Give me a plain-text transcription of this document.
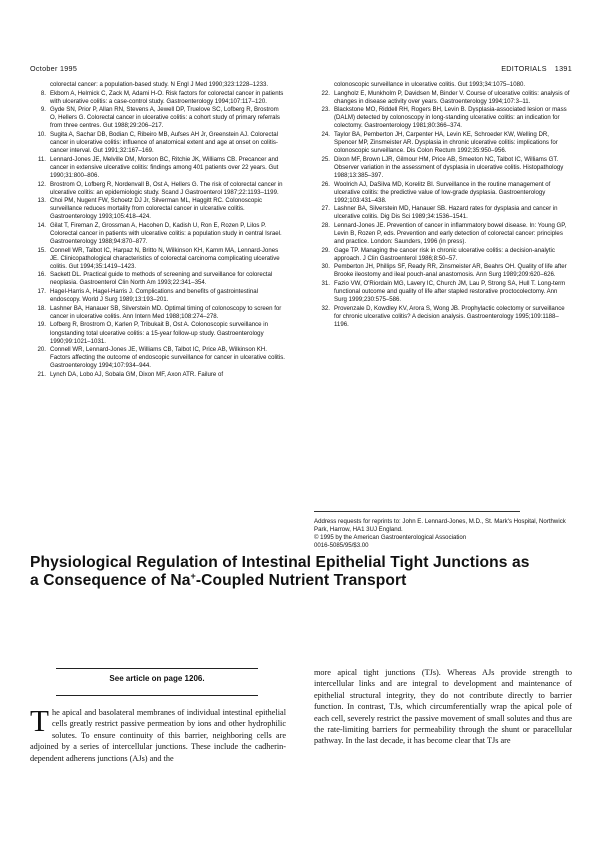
October 1995	EDITORIALS 1391
colorectal cancer: a population-based study. N Engl J Med 1990;323:1228–1233.
8. Ekbom A, Helmick C, Zack M, Adami H-O. Risk factors for colorectal cancer in patients with ulcerative colitis: a case-control study. Gastroenterology 1994;107:117–120.
9. Gyde SN, Prior P, Allan RN, Stevens A, Jewell DP, Truelove SC, Lofberg R, Brostrom O, Hellers G. Colorectal cancer in ulcerative colitis: a cohort study of primary referrals from three centres. Gut 1988;29:206–217.
10. Sugita A, Sachar DB, Bodian C, Ribeiro MB, Aufses AH Jr, Greenstein AJ. Colorectal cancer in ulcerative colitis: influence of anatomical extent and age at onset on colitis-cancer interval. Gut 1991;32:167–169.
11. Lennard-Jones JE, Melville DM, Morson BC, Ritchie JK, Williams CB. Precancer and cancer in extensive ulcerative colitis: findings among 401 patients over 22 years. Gut 1990;31:800–806.
12. Brostrom O, Lofberg R, Nordenvall B, Ost A, Hellers G. The risk of colorectal cancer in ulcerative colitis: an epidemiologic study. Scand J Gastroenterol 1987;22:1193–1199.
13. Choi PM, Nugent FW, Schoetz DJ Jr, Silverman ML, Haggitt RC. Colonoscopic surveillance reduces mortality from colorectal cancer in ulcerative colitis. Gastroenterology 1993;105:418–424.
14. Gilat T, Fireman Z, Grossman A, Hacohen D, Kadish U, Ron E, Rozen P, Lilos P. Colorectal cancer in patients with ulcerative colitis: a population study in central Israel. Gastroenterology 1988;94:870–877.
15. Connell WR, Talbot IC, Harpaz N, Britto N, Wilkinson KH, Kamm MA, Lennard-Jones JE. Clinicopathological characteristics of colorectal carcinoma complicating ulcerative colitis. Gut 1994;35:1419–1423.
16. Sackett DL. Practical guide to methods of screening and surveillance for colorectal neoplasia. Gastroenterol Clin North Am 1993;22:341–354.
17. Hagel-Harris A, Hagel-Harris J. Complications and benefits of gastrointestinal endoscopy. World J Surg 1989;13:193–201.
18. Lashner BA, Hanauer SB, Silverstein MD. Optimal timing of colonoscopy to screen for cancer in ulcerative colitis. Ann Intern Med 1988;108:274–278.
19. Lofberg R, Brostrom O, Karlen P, Tribukait B, Ost A. Colonoscopic surveillance in longstanding total ulcerative colitis: a 15-year follow-up study. Gastroenterology 1990;99:1021–1031.
20. Connell WR, Lennard-Jones JE, Williams CB, Talbot IC, Price AB, Wilkinson KH. Factors affecting the outcome of endoscopic surveillance for cancer in ulcerative colitis. Gastroenterology 1994;107:934–944.
21. Lynch DA, Lobo AJ, Sobala GM, Dixon MF, Axon ATR. Failure of
colonoscopic surveillance in ulcerative colitis. Gut 1993;34:1075–1080.
22. Langholz E, Munkholm P, Davidsen M, Binder V. Course of ulcerative colitis: analysis of changes in disease activity over years. Gastroenterology 1994;107:3–11.
23. Blackstone MO, Riddell RH, Rogers BH, Levin B. Dysplasia-associated lesion or mass (DALM) detected by colonoscopy in long-standing ulcerative colitis: an indication for colectomy. Gastroenterology 1981;80:366–374.
24. Taylor BA, Pemberton JH, Carpenter HA, Levin KE, Schroeder KW, Welling DR, Spencer MP, Zinsmeister AR. Dysplasia in chronic ulcerative colitis: implications for colonoscopic surveillance. Dis Colon Rectum 1992;35:950–956.
25. Dixon MF, Brown LJR, Gilmour HM, Price AB, Smeeton NC, Talbot IC, Williams GT. Observer variation in the assessment of dysplasia in ulcerative colitis. Histopathology 1988;13:385–397.
26. Woolrich AJ, DaSilva MD, Korelitz BI. Surveillance in the routine management of ulcerative colitis: the predictive value of low-grade dysplasia. Gastroenterology 1992;103:431–438.
27. Lashner BA, Silverstein MD, Hanauer SB. Hazard rates for dysplasia and cancer in ulcerative colitis. Dig Dis Sci 1989;34:1536–1541.
28. Lennard-Jones JE. Prevention of cancer in inflammatory bowel disease. In: Young GP, Levin B, Rozen P, eds. Prevention and early detection of colorectal cancer: principles and practice. London: Saunders, 1996 (in press).
29. Gage TP. Managing the cancer risk in chronic ulcerative colitis: a decision-analytic approach. J Clin Gastroenterol 1986;8:50–57.
30. Pemberton JH, Phillips SF, Ready RR, Zinsmeister AR, Beahrs OH. Quality of life after Brooke ileostomy and ileal pouch-anal anastomosis. Ann Surg 1989;209:620–626.
31. Fazio VW, O'Riordain MG, Lavery IC, Church JM, Lau P, Strong SA, Hull T. Long-term functional outcome and quality of life after stapled restorative proctocolectomy. Ann Surg 1999;230:575–586.
32. Provenzale D, Kowdley KV, Arora S, Wong JB. Prophylactic colectomy or surveillance for chronic ulcerative colitis? A decision analysis. Gastroenterology 1995;109:1188–1196.
Address requests for reprints to: John E. Lennard-Jones, M.D., St. Mark's Hospital, Northwick Park, Harrow, HA1 3UJ England.
© 1995 by the American Gastroenterological Association
0016-5085/95/$3.00
Physiological Regulation of Intestinal Epithelial Tight Junctions as a Consequence of Na+-Coupled Nutrient Transport
See article on page 1206.
The apical and basolateral membranes of individual intestinal epithelial cells greatly restrict passive permeation by ions and other hydrophilic solutes. To ensure continuity of this barrier, neighboring cells are adjoined by a series of intercellular junctions. These include the cadherin-dependent adherens junctions (AJs) and the
more apical tight junctions (TJs). Whereas AJs provide strength to intercellular links and are integral to development and maintenance of epithelial structural integrity, they do not contribute directly to barrier function. In contrast, TJs, which circumferentially wrap the apical pole of each cell, severely restrict the passive movement of small solutes and thus are the rate-limiting barriers for permeability through the shunt or paracellular pathway. In the last decade, it has become clear that TJs are
